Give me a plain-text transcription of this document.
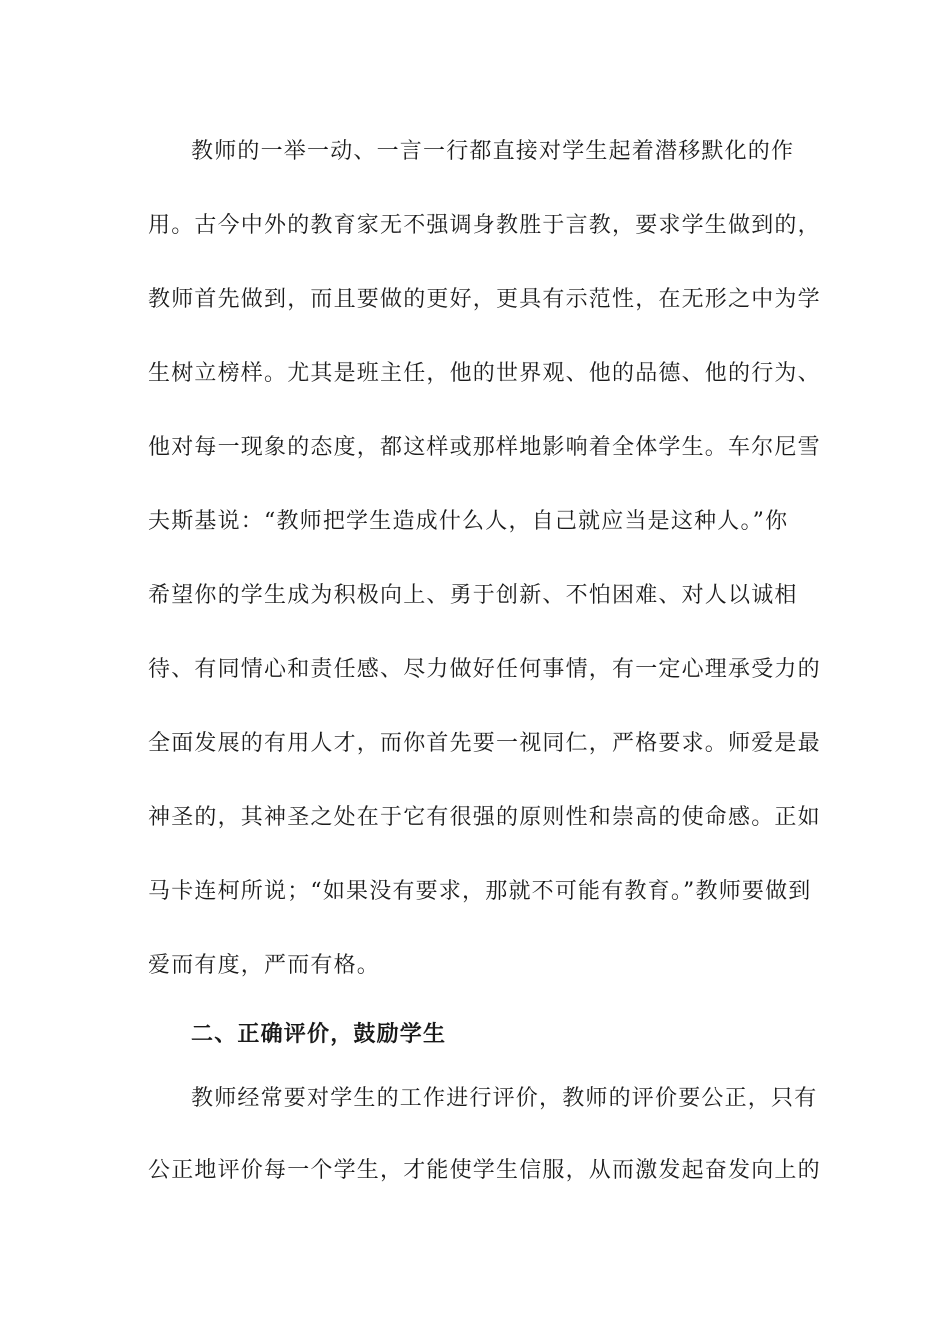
教师的一举一动、一言一行都直接对学生起着潜移默化的作
用。古今中外的教育家无不强调身教胜于言教，要求学生做到的，
教师首先做到，而且要做的更好，更具有示范性，在无形之中为学
生树立榜样。尤其是班主任，他的世界观、他的品德、他的行为、
他对每一现象的态度，都这样或那样地影响着全体学生。车尔尼雪
夫斯基说：“教师把学生造成什么人，自己就应当是这种人。”你
希望你的学生成为积极向上、勇于创新、不怕困难、对人以诚相
待、有同情心和责任感、尽力做好任何事情，有一定心理承受力的
全面发展的有用人才，而你首先要一视同仁，严格要求。师爱是最
神圣的，其神圣之处在于它有很强的原则性和崇高的使命感。正如
马卡连柯所说；“如果没有要求，那就不可能有教育。”教师要做到
爱而有度，严而有格。
二、正确评价，鼓励学生
教师经常要对学生的工作进行评价，教师的评价要公正，只有
公正地评价每一个学生，才能使学生信服，从而激发起奋发向上的
